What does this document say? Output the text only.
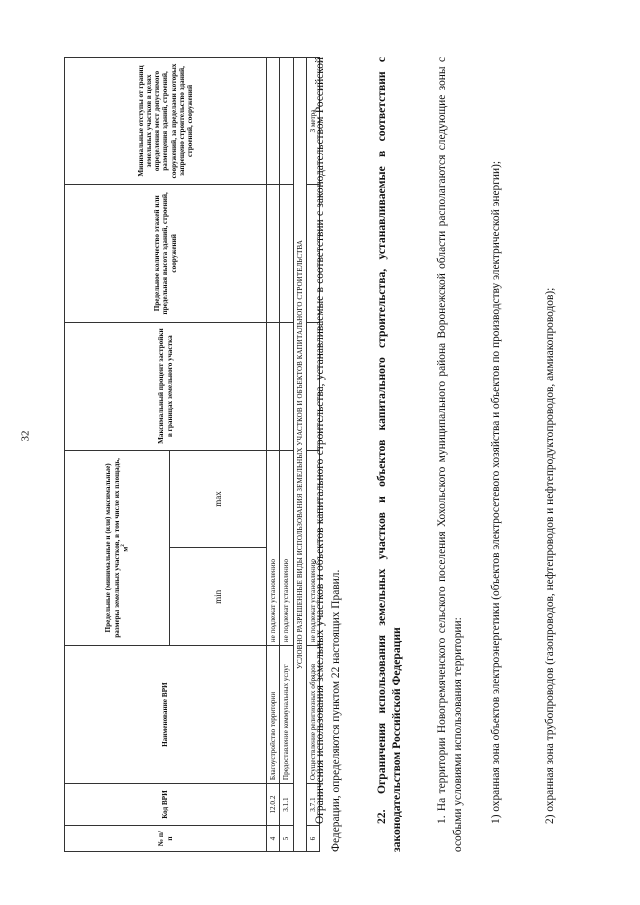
32
№ п/п	Код ВРИ	Наименование ВРИ	Предельные (минимальные и (или) максимальные) размеры земельных участков, в том числе их площадь, $м^2$		Максимальный процент застройки в границах земельного участка	Предельное количество этажей или предельная высота зданий, строений, сооружений	Минимальные отступы от границ земельных участков в целях определения мест допустимого размещения зданий, строений, сооружений, за пределами которых запрещено строительство зданий, строений, сооружений
			min	max			
4	12.0.2	Благоустройство территории	не подлежат установлению				
5	3.1.1	Предоставление коммунальных услуг	не подлежат установлению				
УСЛОВНО РАЗРЕШЕННЫЕ ВИДЫ ИСПОЛЬЗОВАНИЯ ЗЕМЕЛЬНЫХ УЧАСТКОВ И ОБЪЕКТОВ КАПИТАЛЬНОГО СТРОИТЕЛЬСТВА							
6	3.7.1	Осуществление религиозных обрядов	не подлежат установлению				3 метра

Ограничения использования земельных участков и объектов капитального строительства, устанавливаемые в соответствии с законодательством Российской Федерации, определяются пунктом 22 настоящих Правил.	22.Ограничения использования земельных участков и объектов капитального строительства, устанавливаемые в соответствии с законодательством Российской Федерации	1. На территории Новогремяченского сельского поселения Хохольского муниципального района Воронежской области располагаются следующие зоны с особыми условиями использования территории: 1) охранная зона объектов электроэнергетики (объектов электросетевого хозяйства и объектов по производству электрической энергии);	2) охранная зона трубопроводов (газопроводов, нефтепроводов и нефтепродуктопроводов, аммиакопроводов);
